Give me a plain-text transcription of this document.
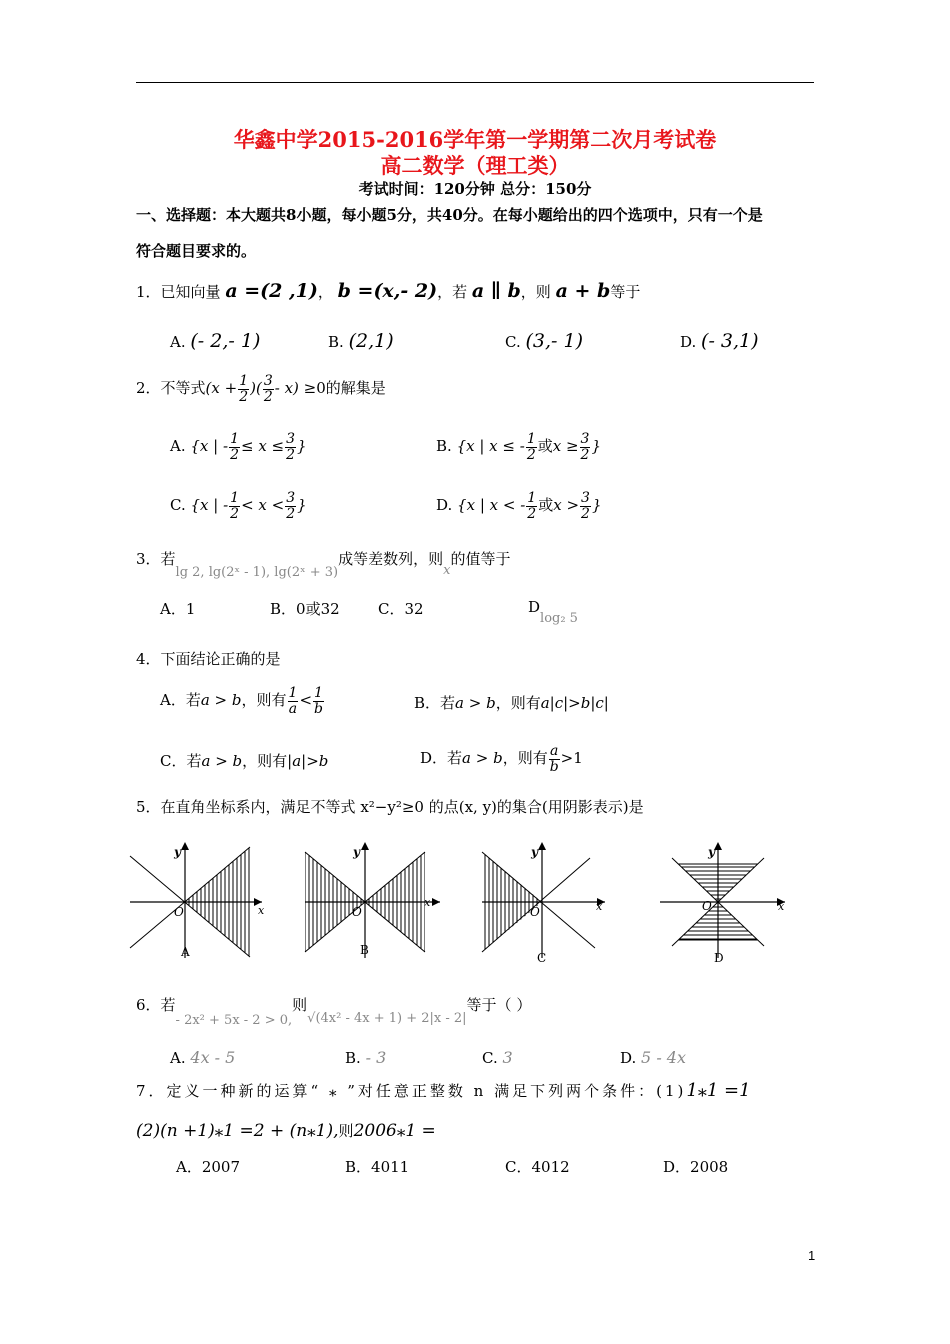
华鑫中学2015-2016学年第一学期第二次月考试卷
高二数学（理工类）
考试时间：120分钟 总分：150分
一、选择题：本大题共8小题，每小题5分，共40分。在每小题给出的四个选项中，只有一个是
符合题目要求的。
1．已知向量 a =(2 ,1)， b =(x,- 2)，若 a ∥ b，则 a + b等于
A. (- 2,- 1)	B. (2,1)	C. (3,- 1)	D. (- 3,1)
2．不等式($x + \frac{1}{2}$ )( $\frac{3}{2} - x) \ge 0$的解集是
A. {x | - $\frac{1}{2} \le x \le \frac{3}{2}$ }	B. {x | x ≤ - $\frac{1}{2}$ 或$x \ge \frac{3}{2}$ }
C. {x | - $\frac{1}{2} < x < \frac{3}{2}$ }	D. {x | x < - $\frac{1}{2}$ 或$x > \frac{3}{2}$ }
3．若lg 2, lg(2ˣ - 1), lg(2ˣ + 3)成等差数列，则x的值等于
A．1	B．0或32	C．32	Dlog₂ 5
4．下面结论正确的是
A．若a > b，则有 $\frac{1}{a} < \frac{1}{b}$	B．若a > b，则有a|c|>b|c|
C．若a > b，则有|a|>b	D．若a > b，则有 $\frac{a}{b} >1$
5．在直角坐标系内，满足不等式 x²−y²≥0 的点(x, y)的集合(用阴影表示)是
y
x
O
A
y
x
O
B
y
x
O
C
y
x
O
D
6．若- 2x² + 5x - 2 > 0,则√(4x² - 4x + 1) + 2|x - 2|等于（ ）
A. 4x - 5	B. - 3	C. 3	D. 5 - 4x
7．定义一种新的运算“ ⁎ ”对任意正整数 n 满足下列两个条件：(1)1⁎1 =1
(2)(n +1)⁎1 =2 + (n⁎1),则2006⁎1 =
A．2007	B．4011	C．4012	D．2008
1
